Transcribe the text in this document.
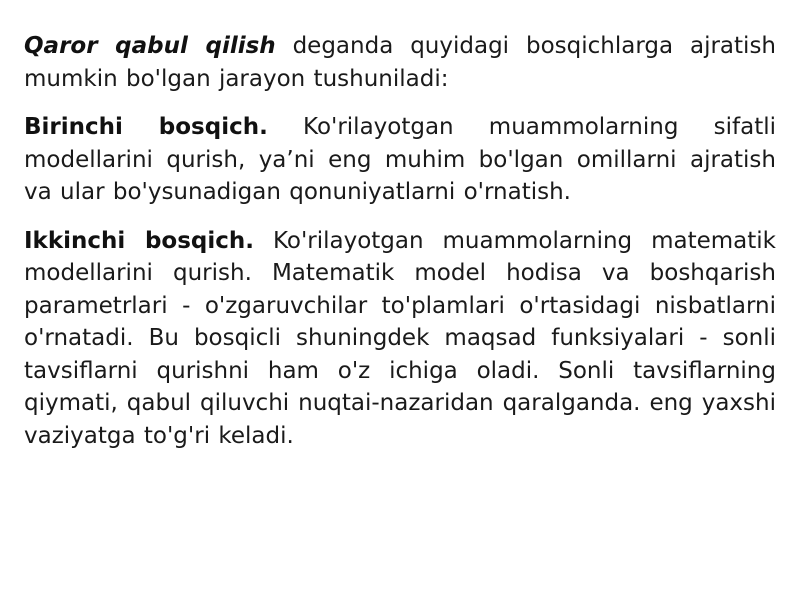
Qaror qabul qilish deganda quyidagi bosqichlarga ajratish mumkin bo'lgan jarayon tushuniladi:

Birinchi bosqich. Ko'rilayotgan muammolarning sifatli modellarini qurish, ya’ni eng muhim bo'lgan omillarni ajratish va ular bo'ysunadigan qonuniyatlarni o'rnatish.

Ikkinchi bosqich. Ko'rilayotgan muammolarning matematik modellarini qurish. Matematik model hodisa va boshqarish parametrlari - o'zgaruvchilar to'plamlari o'rtasidagi nisbatlarni o'rnatadi. Bu bosqicli shuningdek maqsad funksiyalari - sonli tavsiflarni qurishni ham o'z ichiga oladi. Sonli tavsiflarning qiymati, qabul qiluvchi nuqtai-nazaridan qaralganda. eng yaxshi vaziyatga to'g'ri keladi.
